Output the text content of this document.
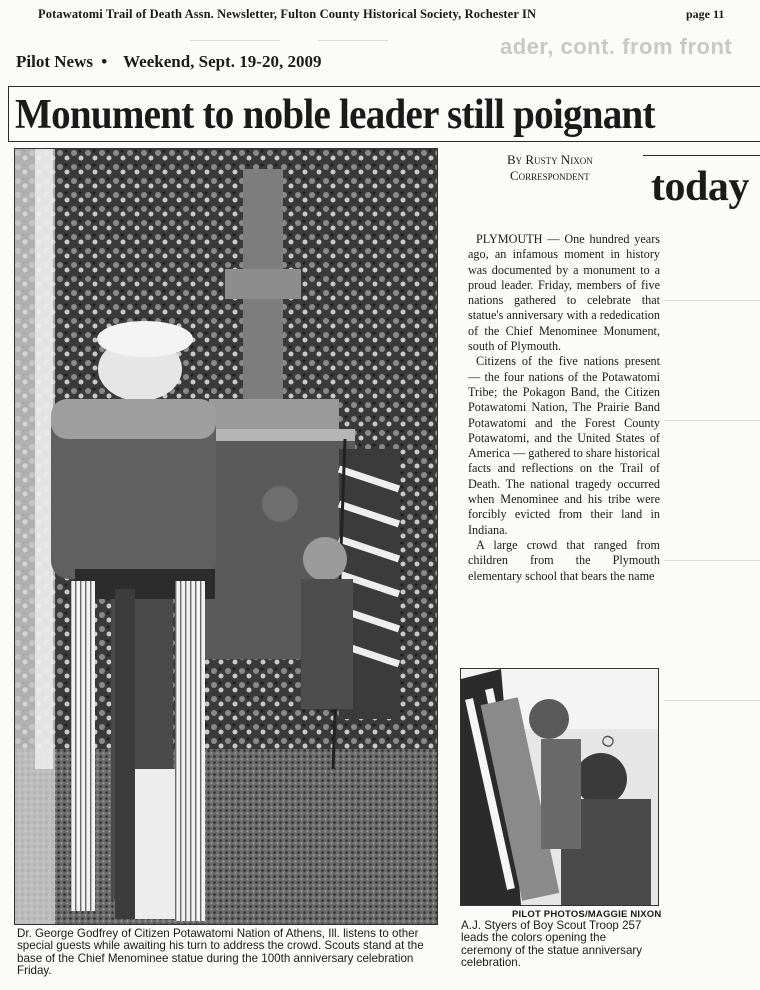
Potawatomi Trail of Death Assn. Newsletter, Fulton County Historical Society, Rochester IN	page 11
ader, cont. from front
Pilot News • Weekend, Sept. 19-20, 2009
Monument to noble leader still poignant
today
By Rusty Nixon
Correspondent

PLYMOUTH — One hundred years ago, an infamous moment in history was documented by a monument to a proud leader. Friday, members of five nations gathered to celebrate that statue's anniversary with a rededication of the Chief Menominee Monument, south of Plymouth.

Citizens of the five nations present — the four nations of the Potawatomi Tribe; the Pokagon Band, the Citizen Potawatomi Nation, The Prairie Band Potawatomi and the Forest County Potawatomi, and the United States of America — gathered to share historical facts and reflections on the Trail of Death. The national tragedy occurred when Menominee and his tribe were forcibly evicted from their land in Indiana.

A large crowd that ranged from children from the Plymouth elementary school that bears the name

O
PILOT PHOTOS/MAGGIE NIXON
Dr. George Godfrey of Citizen Potawatomi Nation of Athens, Ill. listens to other special guests while awaiting his turn to address the crowd. Scouts stand at the base of the Chief Menominee statue during the 100th anniversary celebration Friday.
A.J. Styers of Boy Scout Troop 257 leads the colors opening the ceremony of the statue anniversary celebration.
